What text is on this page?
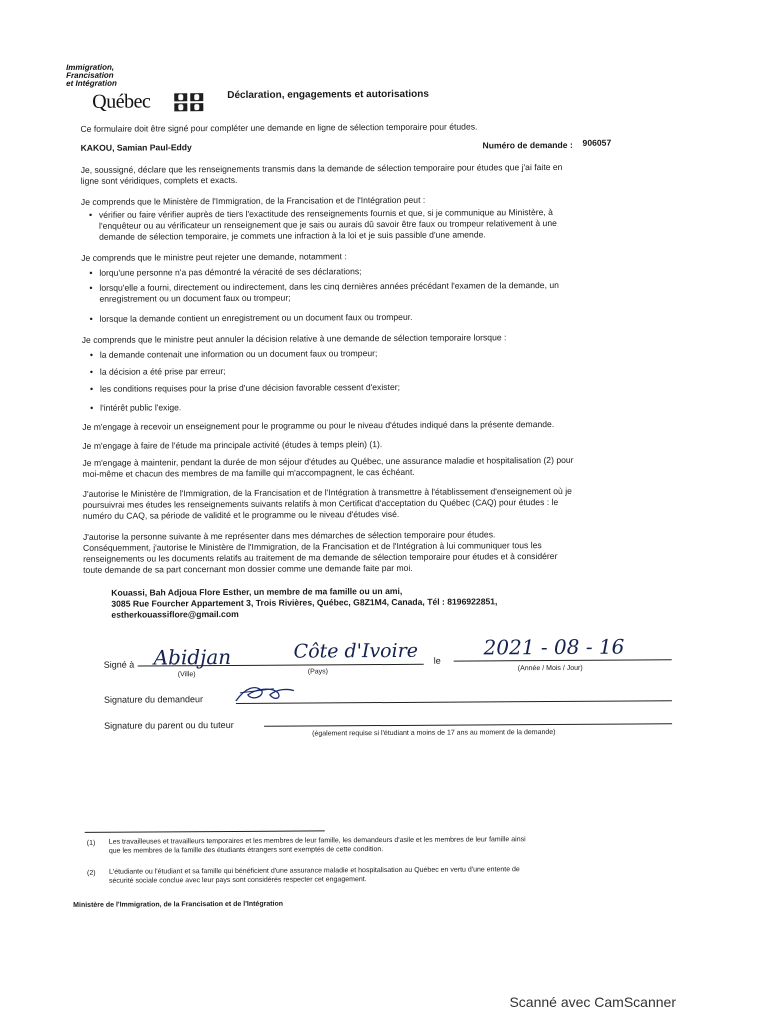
Immigration,
Francisation
et Intégration
Québec	Déclaration, engagements et autorisations
Ce formulaire doit être signé pour compléter une demande en ligne de sélection temporaire pour études.
KAKOU, Samian Paul-Eddy	Numéro de demande : 906057
Je, soussigné, déclare que les renseignements transmis dans la demande de sélection temporaire pour études que j'ai faite en
ligne sont véridiques, complets et exacts.
Je comprends que le Ministère de l'Immigration, de la Francisation et de l'Intégration peut :
• vérifier ou faire vérifier auprès de tiers l'exactitude des renseignements fournis et que, si je communique au Ministère, à
l'enquêteur ou au vérificateur un renseignement que je sais ou aurais dû savoir être faux ou trompeur relativement à une
demande de sélection temporaire, je commets une infraction à la loi et je suis passible d'une amende.
Je comprends que le ministre peut rejeter une demande, notamment :
• lorqu'une personne n'a pas démontré la véracité de ses déclarations;
• lorsqu'elle a fourni, directement ou indirectement, dans les cinq dernières années précédant l'examen de la demande, un
enregistrement ou un document faux ou trompeur;
• lorsque la demande contient un enregistrement ou un document faux ou trompeur.
Je comprends que le ministre peut annuler la décision relative à une demande de sélection temporaire lorsque :
• la demande contenait une information ou un document faux ou trompeur;
• la décision a été prise par erreur;
• les conditions requises pour la prise d'une décision favorable cessent d'exister;
• l'intérêt public l'exige.
Je m'engage à recevoir un enseignement pour le programme ou pour le niveau d'études indiqué dans la présente demande.
Je m'engage à faire de l'étude ma principale activité (études à temps plein) (1).
Je m'engage à maintenir, pendant la durée de mon séjour d'études au Québec, une assurance maladie et hospitalisation (2) pour
moi-même et chacun des membres de ma famille qui m'accompagnent, le cas échéant.
J'autorise le Ministère de l'Immigration, de la Francisation et de l'Intégration à transmettre à l'établissement d'enseignement où je
poursuivrai mes études les renseignements suivants relatifs à mon Certificat d'acceptation du Québec (CAQ) pour études : le
numéro du CAQ, sa période de validité et le programme ou le niveau d'études visé.
J'autorise la personne suivante à me représenter dans mes démarches de sélection temporaire pour études.
Conséquemment, j'autorise le Ministère de l'Immigration, de la Francisation et de l'Intégration à lui communiquer tous les
renseignements ou les documents relatifs au traitement de ma demande de sélection temporaire pour études et à considérer
toute demande de sa part concernant mon dossier comme une demande faite par moi.
Kouassi, Bah Adjoua Flore Esther, un membre de ma famille ou un ami,
3085 Rue Fourcher Appartement 3, Trois Rivières, Québec, G8Z1M4, Canada, Tél : 8196922851,
estherkouassiflore@gmail.com
Signé à Abidjan	Côte d'Ivoire
(Ville)	(Pays)
le
2021 - 08 - 16
(Année / Mois / Jour)
Signature du demandeur
Signature du parent ou du tuteur
(également requise si l'étudiant a moins de 17 ans au moment de la demande)
(1) Les travailleuses et travailleurs temporaires et les membres de leur famille, les demandeurs d'asile et les membres de leur famille ainsi
que les membres de la famille des étudiants étrangers sont exemptés de cette condition.
(2) L'étudiante ou l'étudiant et sa famille qui bénéficient d'une assurance maladie et hospitalisation au Québec en vertu d'une entente de
sécurité sociale conclue avec leur pays sont considérés respecter cet engagement.
Ministère de l'Immigration, de la Francisation et de l'Intégration
Scanné avec CamScanner
